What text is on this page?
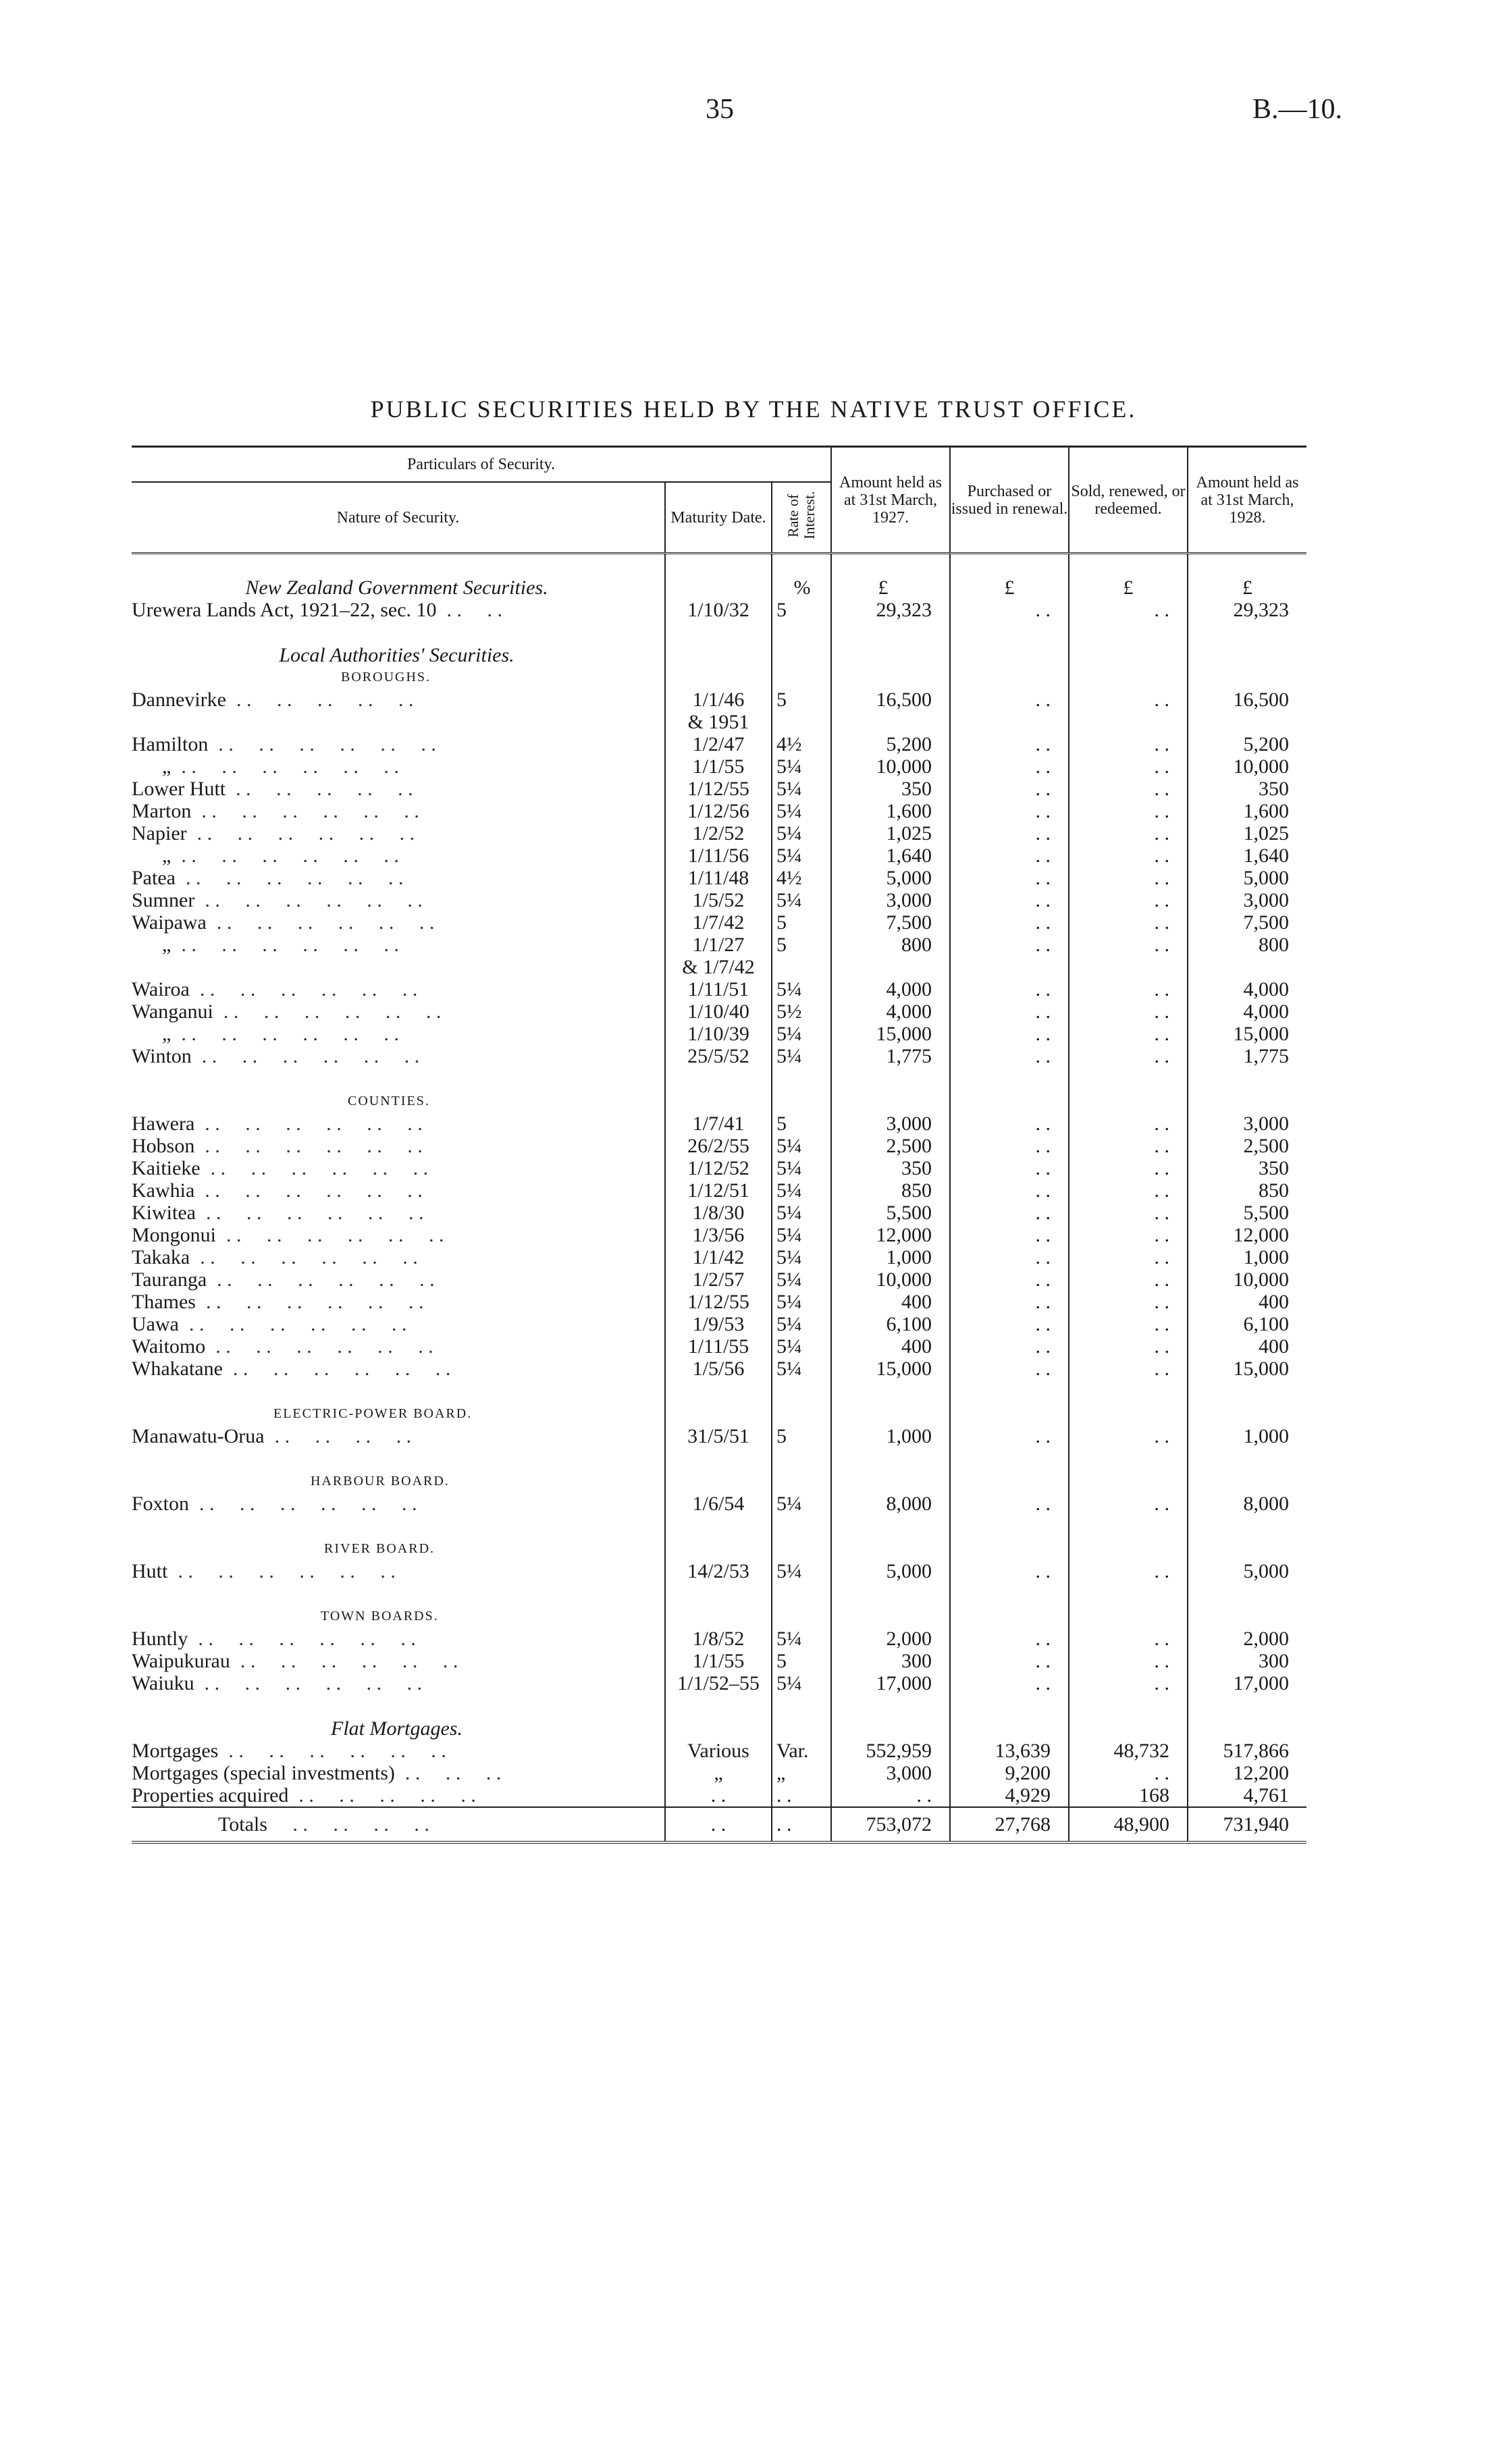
35	B.—10.
PUBLIC SECURITIES HELD BY THE NATIVE TRUST OFFICE.
Particulars of Security.			Amount held as at 31st March, 1927.	Purchased or issued in renewal.	Sold, renewed, or redeemed.	Amount held as at 31st March, 1928.
Nature of Security.	Maturity Date.	Rate of Interest.				

New Zealand Government Securities.		%	£	£	£	£
Urewera Lands Act, 1921–22, sec. 10 . .     . .	1/10/32	5	29,323	. .	. .	29,323

Local Authorities' Securities.						
BOROUGHS.						
Dannevirke . .     . .     . .     . .     . .	1/1/46	5	16,500	. .	. .	16,500
	& 1951					
Hamilton . .     . .     . .     . .     . .     . .	1/2/47	4½	5,200	. .	. .	5,200
„ . .     . .     . .     . .     . .     . .	1/1/55	5¼	10,000	. .	. .	10,000
Lower Hutt . .     . .     . .     . .     . .	1/12/55	5¼	350	. .	. .	350
Marton . .     . .     . .     . .     . .     . .	1/12/56	5¼	1,600	. .	. .	1,600
Napier . .     . .     . .     . .     . .     . .	1/2/52	5¼	1,025	. .	. .	1,025
„ . .     . .     . .     . .     . .     . .	1/11/56	5¼	1,640	. .	. .	1,640
Patea . .     . .     . .     . .     . .     . .	1/11/48	4½	5,000	. .	. .	5,000
Sumner . .     . .     . .     . .     . .     . .	1/5/52	5¼	3,000	. .	. .	3,000
Waipawa . .     . .     . .     . .     . .     . .	1/7/42	5	7,500	. .	. .	7,500
„ . .     . .     . .     . .     . .     . .	1/1/27	5	800	. .	. .	800
	& 1/7/42					
Wairoa . .     . .     . .     . .     . .     . .	1/11/51	5¼	4,000	. .	. .	4,000
Wanganui . .     . .     . .     . .     . .     . .	1/10/40	5½	4,000	. .	. .	4,000
„ . .     . .     . .     . .     . .     . .	1/10/39	5¼	15,000	. .	. .	15,000
Winton . .     . .     . .     . .     . .     . .	25/5/52	5¼	1,775	. .	. .	1,775

COUNTIES.						
Hawera . .     . .     . .     . .     . .     . .	1/7/41	5	3,000	. .	. .	3,000
Hobson . .     . .     . .     . .     . .     . .	26/2/55	5¼	2,500	. .	. .	2,500
Kaitieke . .     . .     . .     . .     . .     . .	1/12/52	5¼	350	. .	. .	350
Kawhia . .     . .     . .     . .     . .     . .	1/12/51	5¼	850	. .	. .	850
Kiwitea . .     . .     . .     . .     . .     . .	1/8/30	5¼	5,500	. .	. .	5,500
Mongonui . .     . .     . .     . .     . .     . .	1/3/56	5¼	12,000	. .	. .	12,000
Takaka . .     . .     . .     . .     . .     . .	1/1/42	5¼	1,000	. .	. .	1,000
Tauranga . .     . .     . .     . .     . .     . .	1/2/57	5¼	10,000	. .	. .	10,000
Thames . .     . .     . .     . .     . .     . .	1/12/55	5¼	400	. .	. .	400
Uawa . .     . .     . .     . .     . .     . .	1/9/53	5¼	6,100	. .	. .	6,100
Waitomo . .     . .     . .     . .     . .     . .	1/11/55	5¼	400	. .	. .	400
Whakatane . .     . .     . .     . .     . .     . .	1/5/56	5¼	15,000	. .	. .	15,000

ELECTRIC-POWER BOARD.						
Manawatu-Orua . .     . .     . .     . .	31/5/51	5	1,000	. .	. .	1,000

HARBOUR BOARD.						
Foxton . .     . .     . .     . .     . .     . .	1/6/54	5¼	8,000	. .	. .	8,000

RIVER BOARD.						
Hutt . .     . .     . .     . .     . .     . .	14/2/53	5¼	5,000	. .	. .	5,000

TOWN BOARDS.						
Huntly . .     . .     . .     . .     . .     . .	1/8/52	5¼	2,000	. .	. .	2,000
Waipukurau . .     . .     . .     . .     . .     . .	1/1/55	5	300	. .	. .	300
Waiuku . .     . .     . .     . .     . .     . .	1/1/52–55	5¼	17,000	. .	. .	17,000

Flat Mortgages.						
Mortgages . .     . .     . .     . .     . .     . .	Various	Var.	552,959	13,639	48,732	517,866
Mortgages (special investments) . .     . .     . .	„	„	3,000	9,200	. .	12,200
Properties acquired . .     . .     . .     . .     . .	. .	. .	. .	4,929	168	4,761
Totals . .     . .     . .     . .	. .	. .	753,072	27,768	48,900	731,940
